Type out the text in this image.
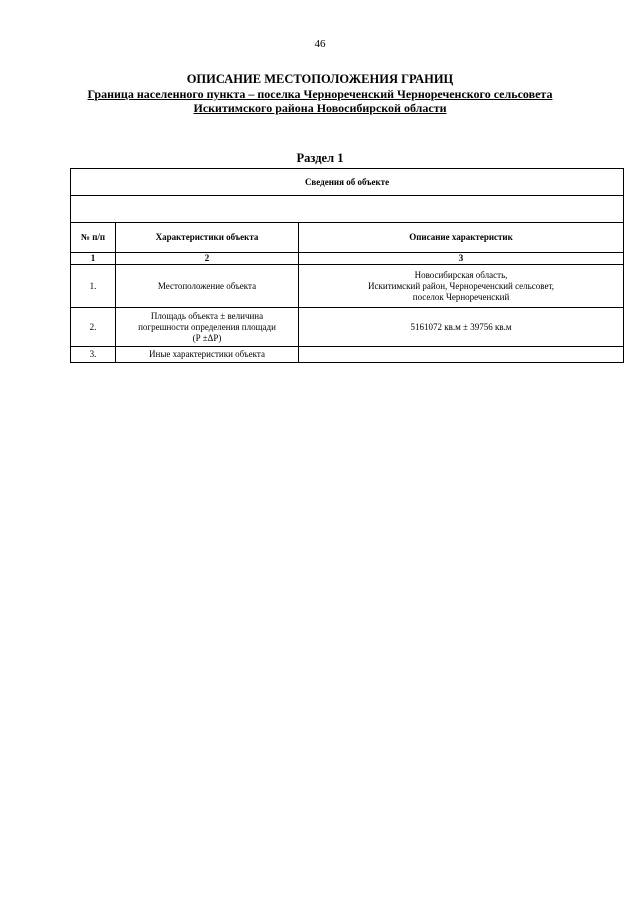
46
ОПИСАНИЕ МЕСТОПОЛОЖЕНИЯ ГРАНИЦ
Граница населенного пункта – поселка Чернореченский Чернореченского сельсовета
Искитимского района Новосибирской области
Раздел 1
Сведения об объекте		

№ п/п	Характеристики объекта	Описание характеристик
1	2	3
1.	Местоположение объекта	Новосибирская область,
Искитимский район, Чернореченский сельсовет,
поселок Чернореченский

2.	Площадь объекта ± величина
погрешности определения площади
(P ±ΔP)	5161072 кв.м ± 39756 кв.м
3.	Иные характеристики объекта	
